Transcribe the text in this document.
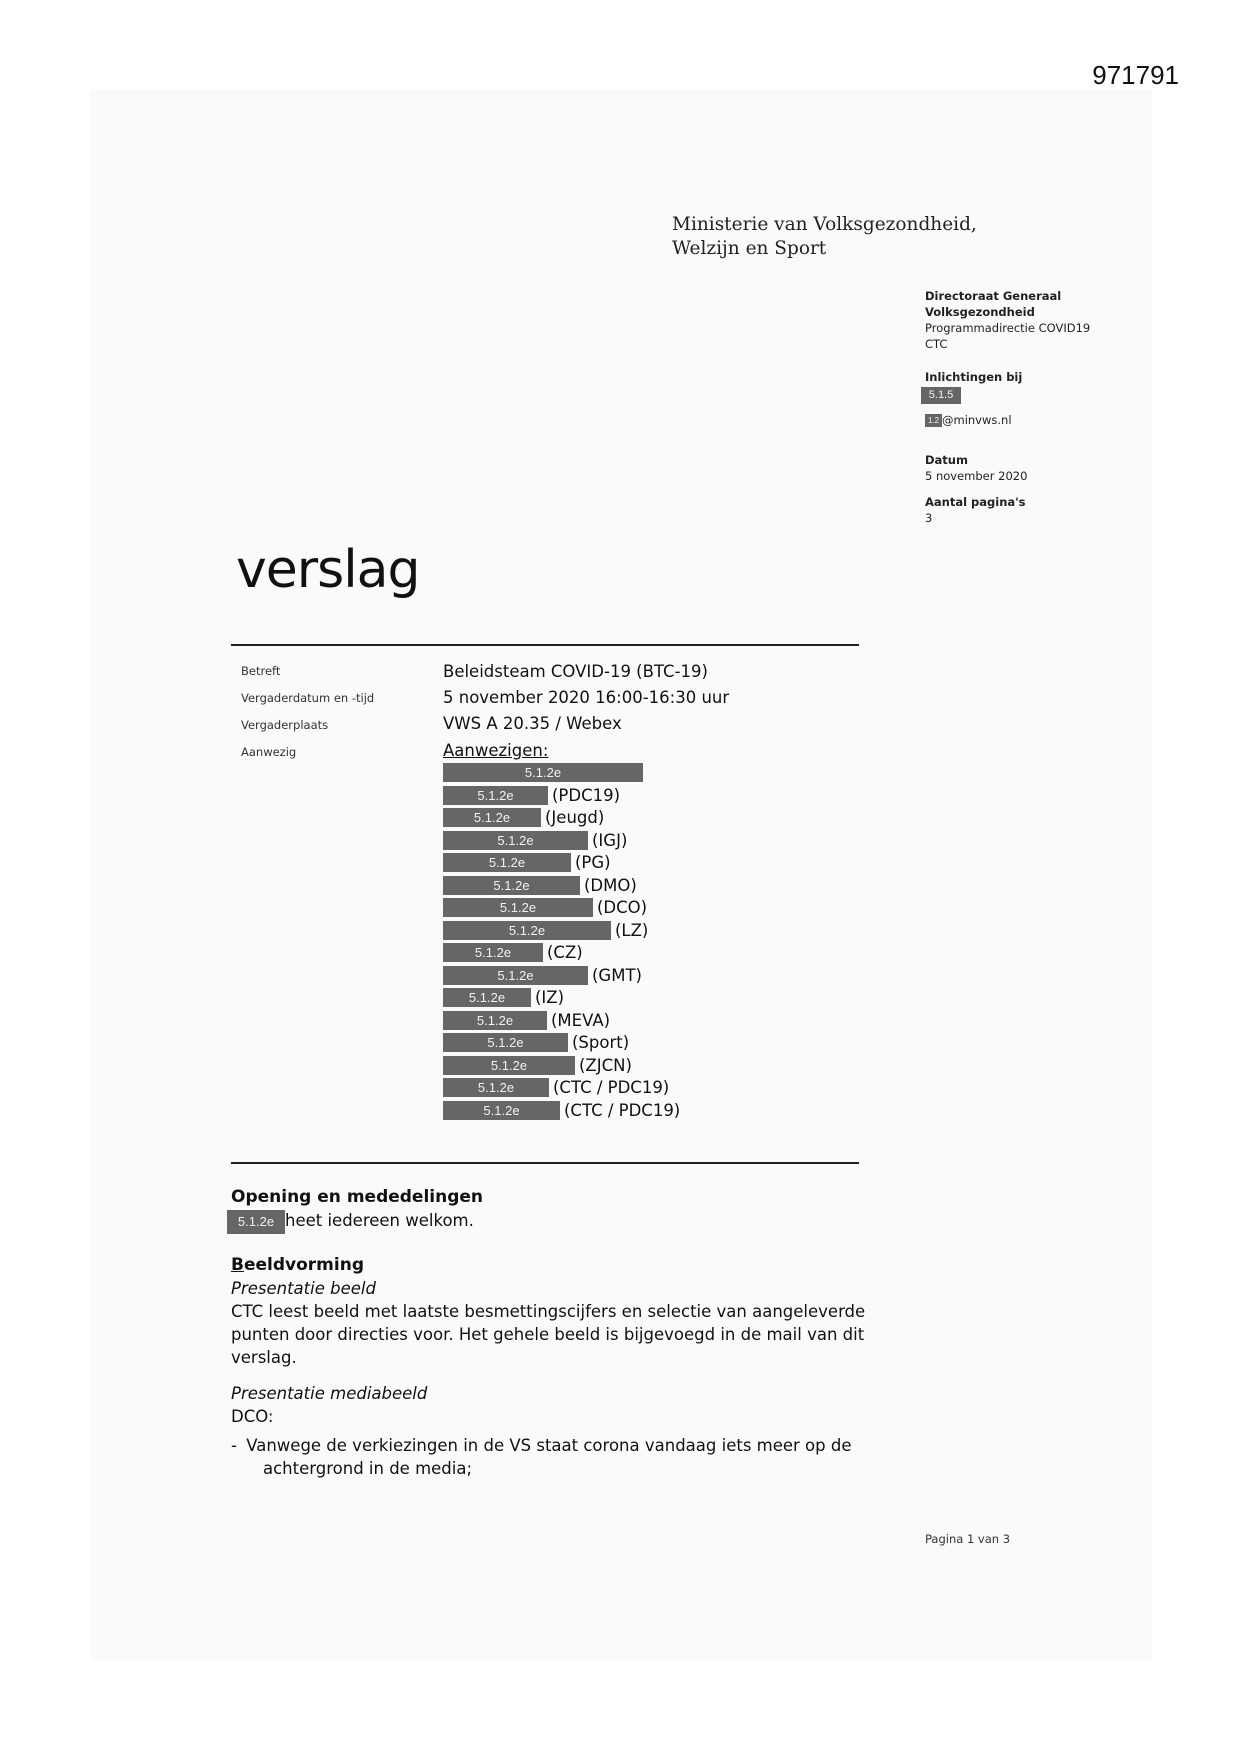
971791
Ministerie van Volksgezondheid,
Welzijn en Sport
Directoraat Generaal
Volksgezondheid
Programmadirectie COVID19
CTC
Inlichtingen bij
5.1.5
1.2 @minvws.nl
Datum
5 november 2020
Aantal pagina's
3
verslag
Betreft	Beleidsteam COVID-19 (BTC-19)
Vergaderdatum en -tijd	5 november 2020 16:00-16:30 uur
Vergaderplaats	VWS A 20.35 / Webex
Aanwezig	Aanwezigen:
5.1.2e
5.1.2e (PDC19)
5.1.2e (Jeugd)
5.1.2e	(IGJ)
5.1.2e	(PG)
5.1.2e	(DMO)
5.1.2e	(DCO)
5.1.2e	(LZ)
5.1.2e (CZ)
5.1.2e	(GMT)
5.1.2e (IZ)
5.1.2e (MEVA)
5.1.2e	(Sport)
5.1.2e	(ZJCN)
5.1.2e (CTC / PDC19)
5.1.2e	(CTC / PDC19)
Opening en mededelingen
5.1.2e heet iedereen welkom.
Beeldvorming
Presentatie beeld
CTC leest beeld met laatste besmettingscijfers en selectie van aangeleverde
punten door directies voor. Het gehele beeld is bijgevoegd in de mail van dit
verslag.
Presentatie mediabeeld
DCO:
- Vanwege de verkiezingen in de VS staat corona vandaag iets meer op de
achtergrond in de media;
Pagina 1 van 3
